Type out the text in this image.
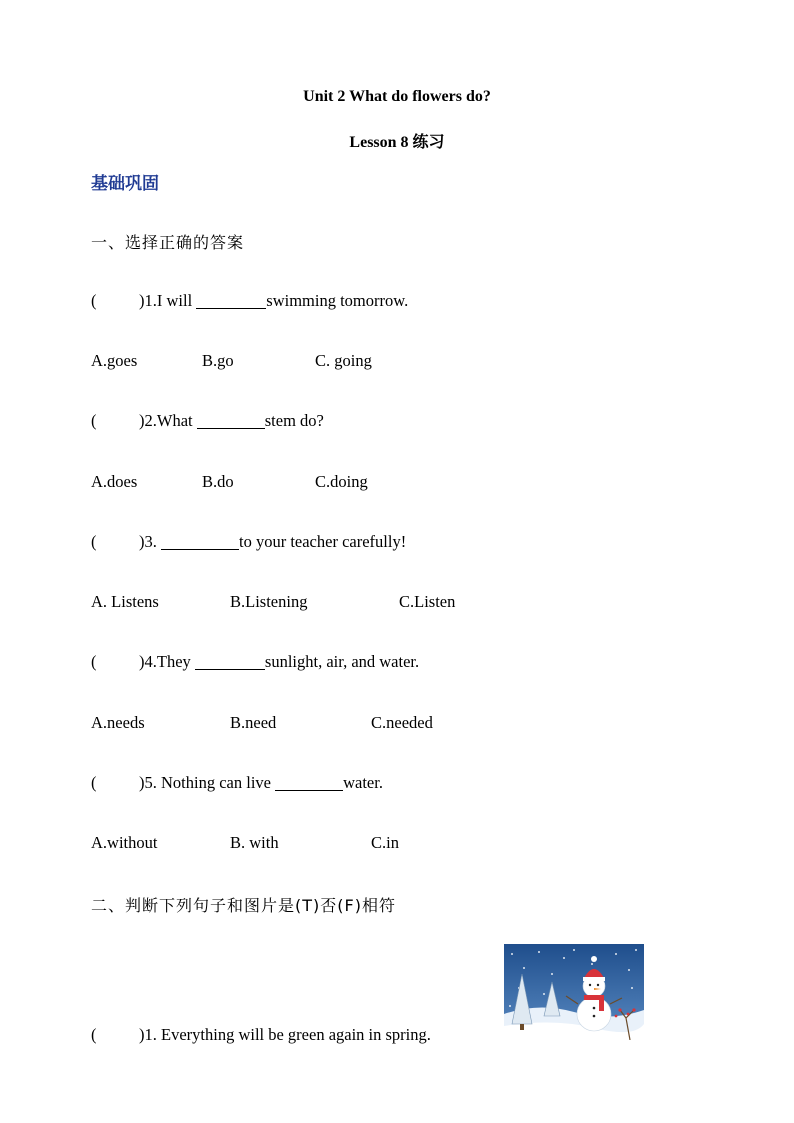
Unit 2 What do flowers do?
Lesson 8 练习
基础巩固
一、选择正确的答案
(	)1.I will	swimming tomorrow.
A.goes	B.go	C. going
(	)2.What	stem do?
A.does	B.do	C.doing
(	)3.	to your teacher carefully!
A. Listens	B.Listening	C.Listen
(	)4.They	sunlight, air, and water.
A.needs	B.need	C.needed
(	)5. Nothing can live	water.
A.without	B. with	C.in
二、判断下列句子和图片是(T)否(F)相符
(	)1. Everything will be green again in spring.
